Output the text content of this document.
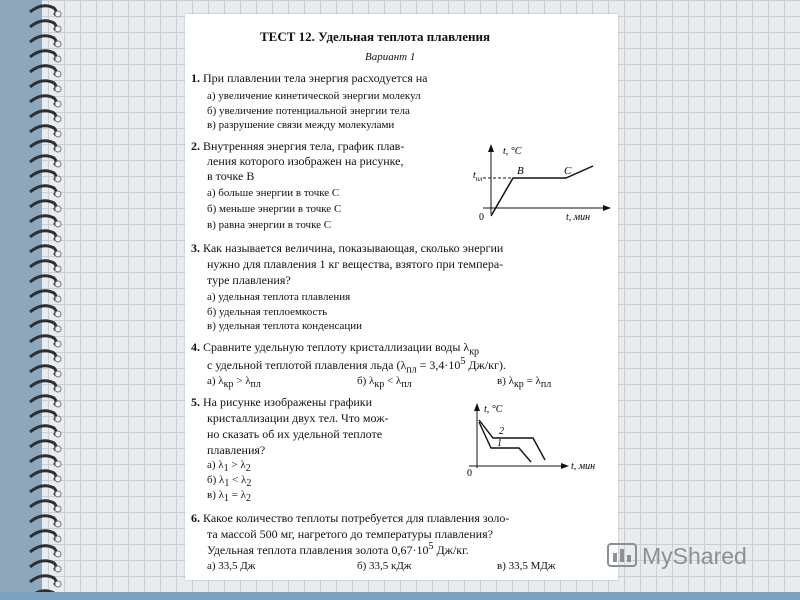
ТЕСТ 12. Удельная теплота плавления
Вариант 1
1. При плавлении тела энергия расходуется на
а) увеличение кинетической энергии молекул
б) увеличение потенциальной энергии тела
в) разрушение связи между молекулами
2. Внутренняя энергия тела, график плав-
ления которого изображен на рисунке,
в точке B
а) больше энергии в точке C
б) меньше энергии в точке C
в) равна энергии в точке C
t, °C
$t_{пл}$
B	C
0	t, мин
3. Как называется величина, показывающая, сколько энергии
нужно для плавления 1 кг вещества, взятого при темпера-
туре плавления?
а) удельная теплота плавления
б) удельная теплоемкость
в) удельная теплота конденсации
4. Сравните удельную теплоту кристаллизации воды $\lambda_{кр}$
с удельной теплотой плавления льда ($\lambda_{пл} = 3,4\cdot 10^5$ Дж/кг).
а) $\lambda_{кр} > \lambda_{пл}$	б) $\lambda_{кр} < \lambda_{пл}$	в) $\lambda_{кр} = \lambda_{пл}$
5. На рисунке изображены графики
кристаллизации двух тел. Что мож-
но сказать об их удельной теплоте
плавления?
а) $\lambda_1 > \lambda_2$
б) $\lambda_1 < \lambda_2$
в) $\lambda_1 = \lambda_2$
t, °C
2
1
0
t, мин
6. Какое количество теплоты потребуется для плавления золо-
та массой 500 мг, нагретого до температуры плавления?
Удельная теплота плавления золота $0,67\cdot 10^5$ Дж/кг.
а) 33,5 Дж	б) 33,5 кДж	в) 33,5 МДж	MyShared
